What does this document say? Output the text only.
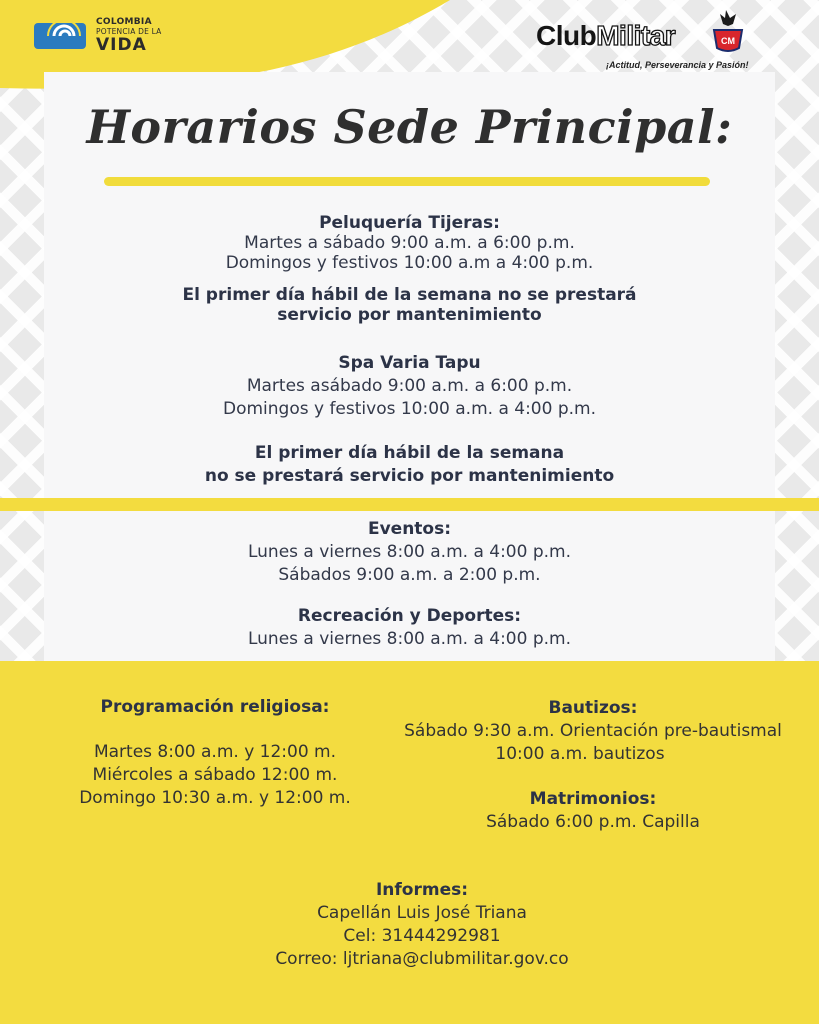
COLOMBIA
POTENCIA DE LA
VIDA	ClubMilitar	CM
¡Actitud, Perseverancia y Pasión!
Horarios Sede Principal:
Peluquería Tijeras:
Martes a sábado 9:00 a.m. a 6:00 p.m.
Domingos y festivos 10:00 a.m a 4:00 p.m.
El primer día hábil de la semana no se prestará
servicio por mantenimiento
Spa Varia Tapu
Martes asábado 9:00 a.m. a 6:00 p.m.
Domingos y festivos 10:00 a.m. a 4:00 p.m.
El primer día hábil de la semana
no se prestará servicio por mantenimiento
Eventos:
Lunes a viernes 8:00 a.m. a 4:00 p.m.
Sábados 9:00 a.m. a 2:00 p.m.
Recreación y Deportes:
Lunes a viernes 8:00 a.m. a 4:00 p.m.
Programación religiosa:
Martes 8:00 a.m. y 12:00 m.
Miércoles a sábado 12:00 m.
Domingo 10:30 a.m. y 12:00 m.
Bautizos:
Sábado 9:30 a.m. Orientación pre-bautismal
10:00 a.m. bautizos
Matrimonios:
Sábado 6:00 p.m. Capilla
Informes:
Capellán Luis José Triana
Cel: 31444292981
Correo: ljtriana@clubmilitar.gov.co
